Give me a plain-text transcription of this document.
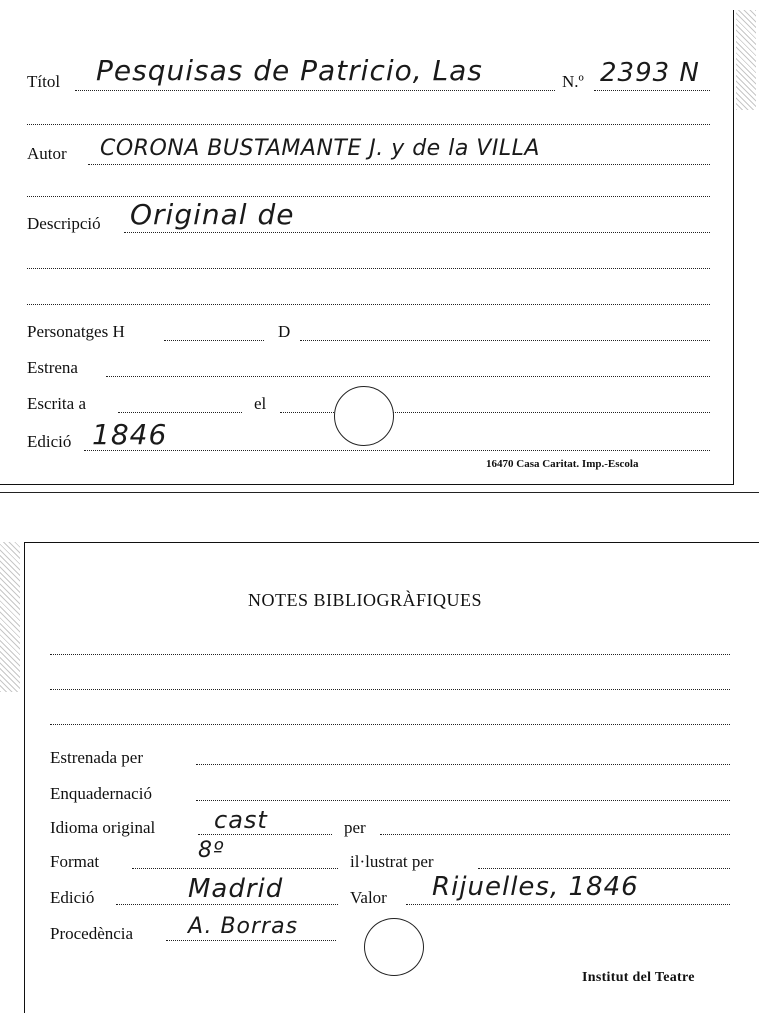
Títol Pesquisas de Patricio, Las	N.º 2393 N
Autor CORONA BUSTAMANTE J. y de la VILLA
Descripció Original de
Personatges H	D
Estrena
Escrita a	el
Edició 1846
16470 Casa Caritat. Imp.-Escola
NOTES BIBLIOGRÀFIQUES
Estrenada per
Enquadernació
Idioma original cast	per
Format	8º	il·lustrat per
Edició	Madrid	Valor Rijuelles, 1846
Procedència A. Borras
Institut del Teatre
